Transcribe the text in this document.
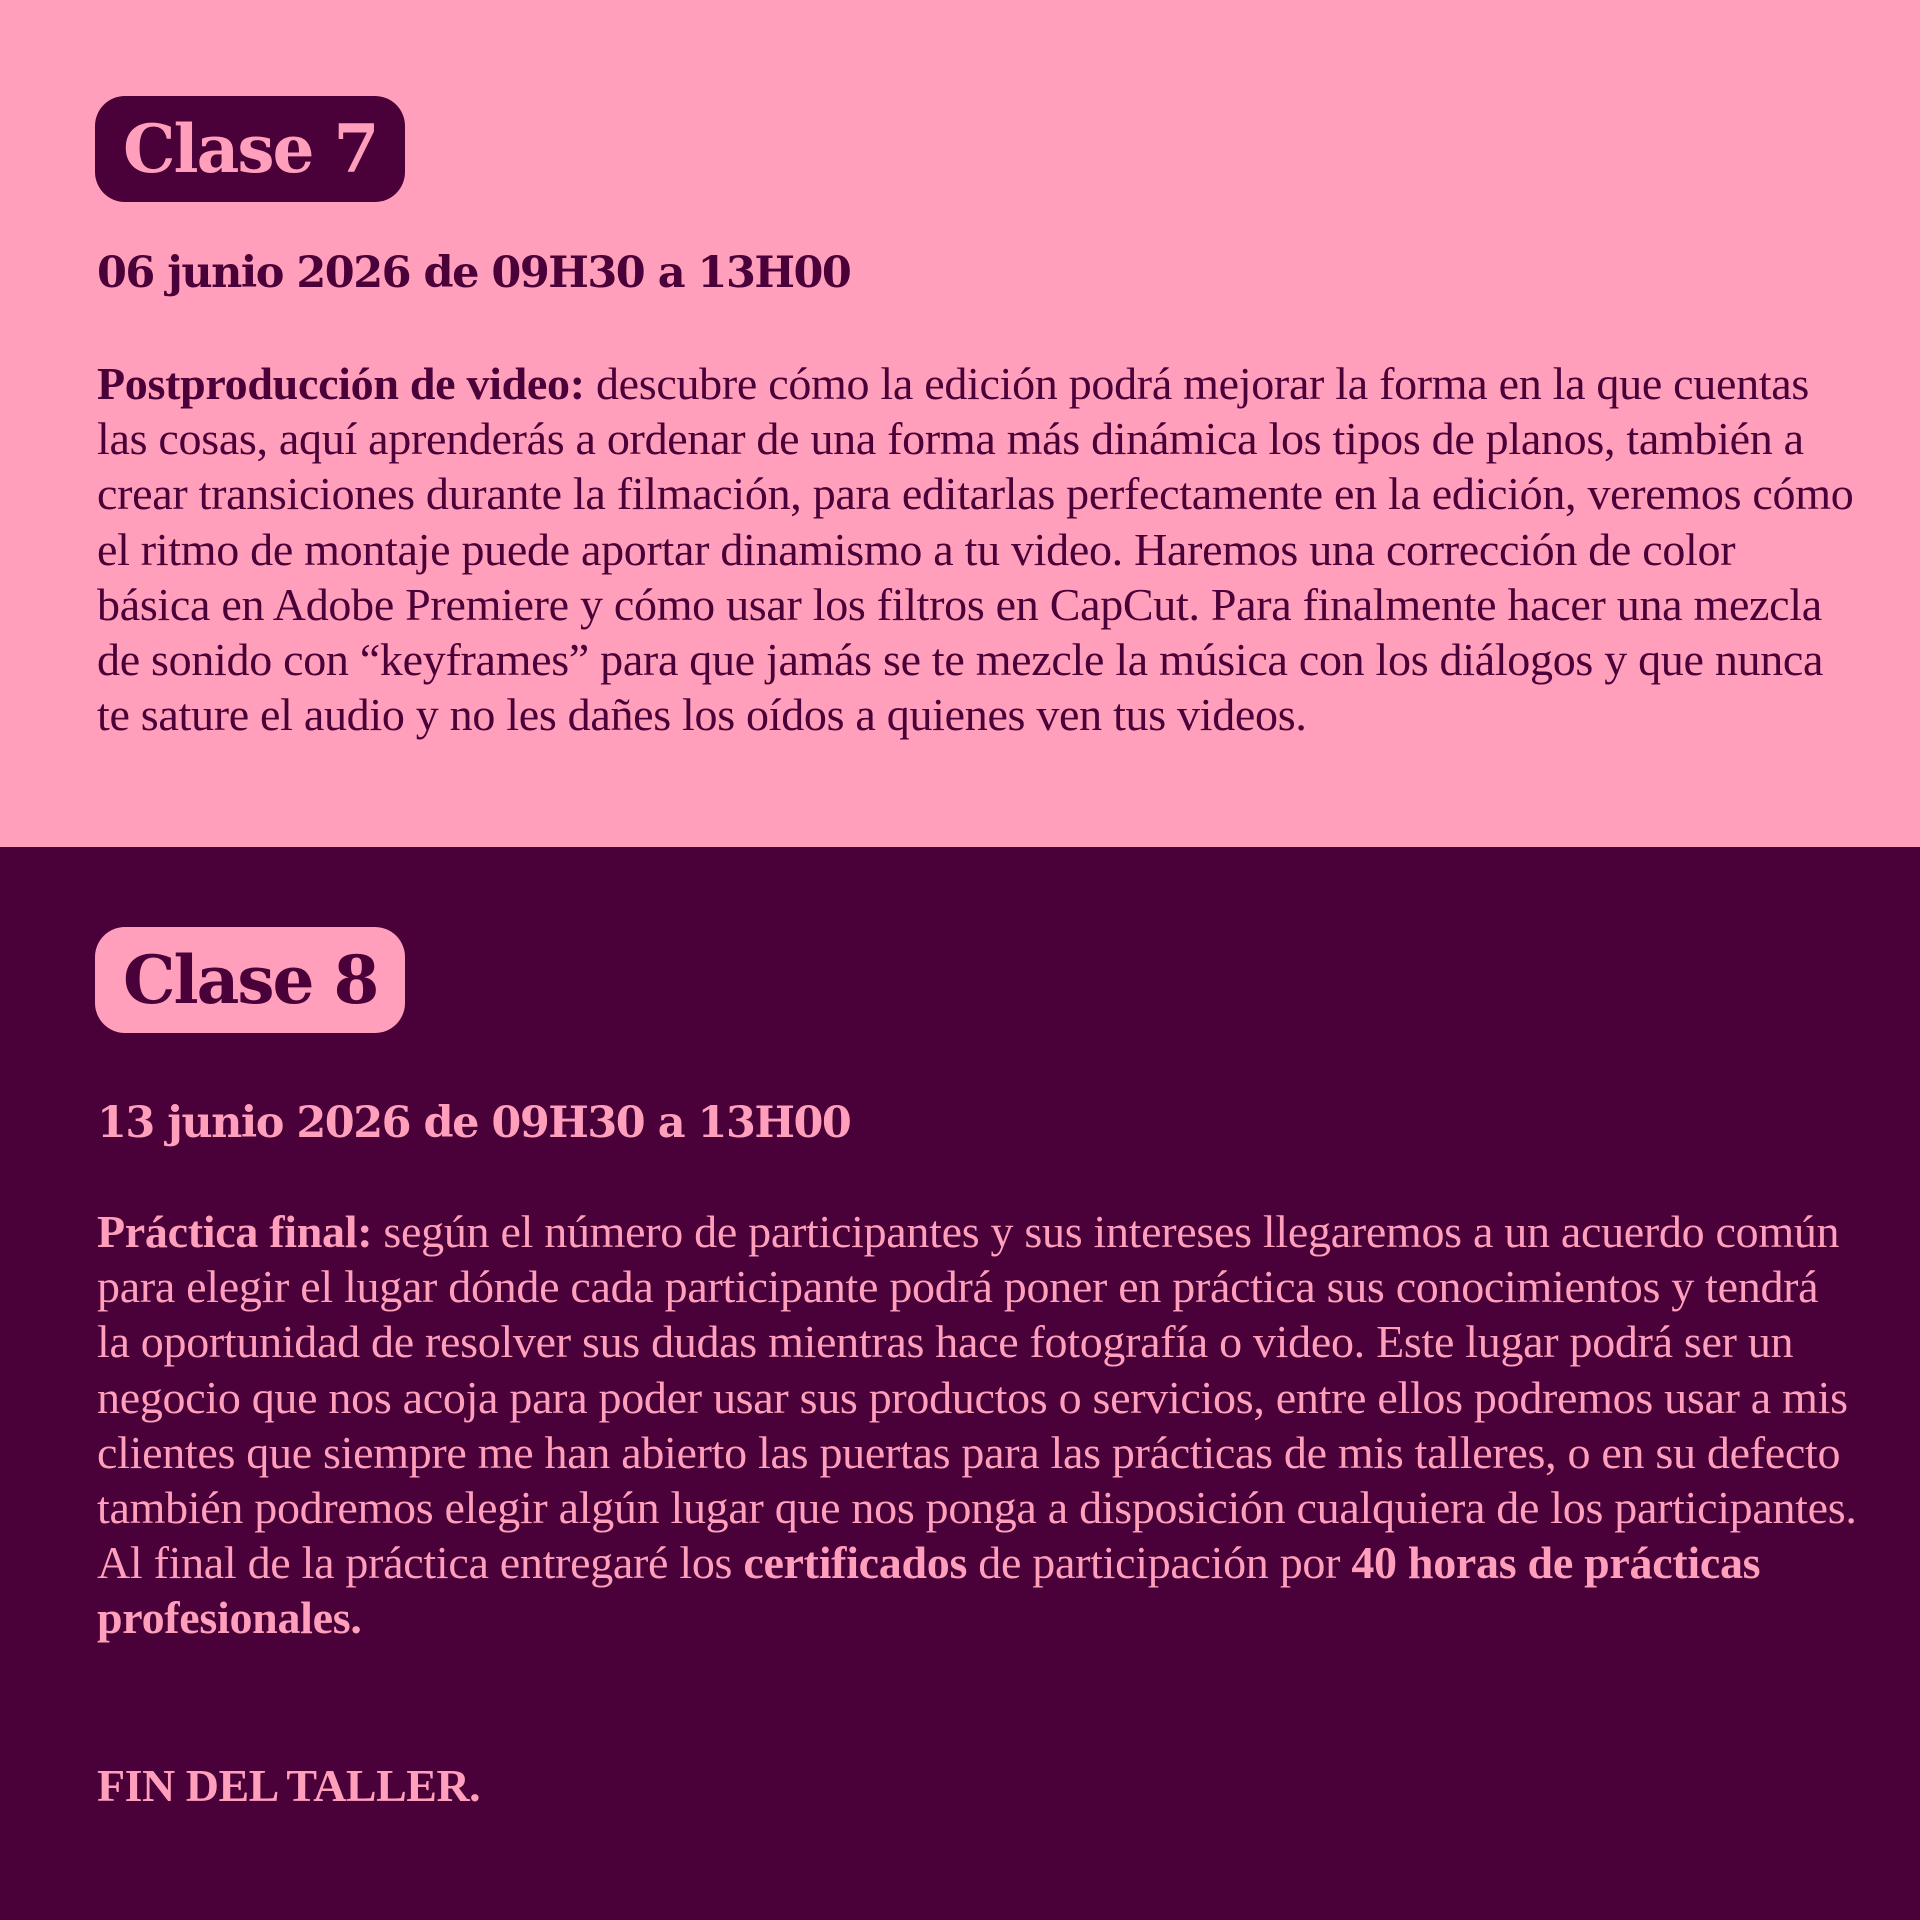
Clase 7
06 junio 2026 de 09H30 a 13H00

Postproducción de video: descubre cómo la edición podrá mejorar la forma en la que cuentas las cosas, aquí aprenderás a ordenar de una forma más dinámica los tipos de planos, también a crear transiciones durante la filmación, para editarlas perfectamente en la edición, veremos cómo el ritmo de montaje puede aportar dinamismo a tu video. Haremos una corrección de color básica en Adobe Premiere y cómo usar los filtros en CapCut. Para finalmente hacer una mezcla de sonido con “keyframes” para que jamás se te mezcle la música con los diálogos y que nunca te sature el audio y no les dañes los oídos a quienes ven tus videos.

Clase 8
13 junio 2026 de 09H30 a 13H00

Práctica final: según el número de participantes y sus intereses llegaremos a un acuerdo común para elegir el lugar dónde cada participante podrá poner en práctica sus conocimientos y tendrá la oportunidad de resolver sus dudas mientras hace fotografía o video. Este lugar podrá ser un negocio que nos acoja para poder usar sus productos o servicios, entre ellos podremos usar a mis clientes que siempre me han abierto las puertas para las prácticas de mis talleres, o en su defecto también podremos elegir algún lugar que nos ponga a disposición cualquiera de los participantes. Al final de la práctica entregaré los certificados de participación por 40 horas de prácticas profesionales.

FIN DEL TALLER.
